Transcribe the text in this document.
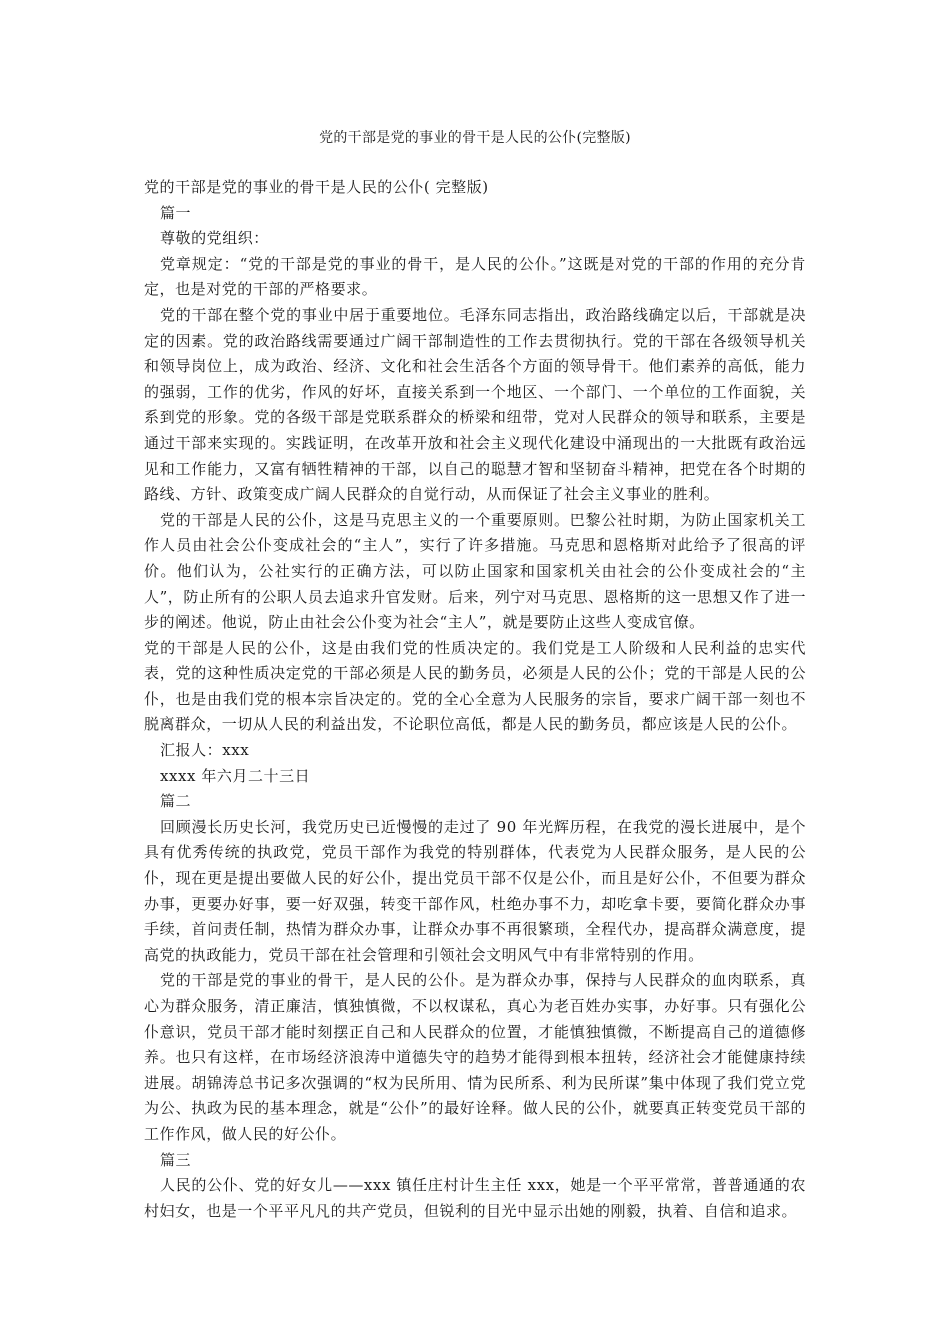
党的干部是党的事业的骨干是人民的公仆(完整版)

党的干部是党的事业的骨干是人民的公仆( 完整版)

篇一

尊敬的党组织：

党章规定：“党的干部是党的事业的骨干，是人民的公仆。”这既是对党的干部的作用的充分肯定，也是对党的干部的严格要求。

党的干部在整个党的事业中居于重要地位。毛泽东同志指出，政治路线确定以后，干部就是决定的因素。党的政治路线需要通过广阔干部制造性的工作去贯彻执行。党的干部在各级领导机关和领导岗位上，成为政治、经济、文化和社会生活各个方面的领导骨干。他们素养的高低，能力的强弱，工作的优劣，作风的好坏，直接关系到一个地区、一个部门、一个单位的工作面貌，关系到党的形象。党的各级干部是党联系群众的桥梁和纽带，党对人民群众的领导和联系，主要是通过干部来实现的。实践证明，在改革开放和社会主义现代化建设中涌现出的一大批既有政治远见和工作能力，又富有牺牲精神的干部，以自己的聪慧才智和坚韧奋斗精神，把党在各个时期的路线、方针、政策变成广阔人民群众的自觉行动，从而保证了社会主义事业的胜利。

党的干部是人民的公仆，这是马克思主义的一个重要原则。巴黎公社时期，为防止国家机关工作人员由社会公仆变成社会的“主人”，实行了许多措施。马克思和恩格斯对此给予了很高的评价。他们认为，公社实行的正确方法，可以防止国家和国家机关由社会的公仆变成社会的“主人”，防止所有的公职人员去追求升官发财。后来，列宁对马克思、恩格斯的这一思想又作了进一步的阐述。他说，防止由社会公仆变为社会“主人”，就是要防止这些人变成官僚。

党的干部是人民的公仆，这是由我们党的性质决定的。我们党是工人阶级和人民利益的忠实代表，党的这种性质决定党的干部必须是人民的勤务员，必须是人民的公仆；党的干部是人民的公仆，也是由我们党的根本宗旨决定的。党的全心全意为人民服务的宗旨，要求广阔干部一刻也不脱离群众，一切从人民的利益出发，不论职位高低，都是人民的勤务员，都应该是人民的公仆。

汇报人：xxx

xxxx 年六月二十三日

篇二

回顾漫长历史长河，我党历史已近慢慢的走过了 90 年光辉历程，在我党的漫长进展中，是个具有优秀传统的执政党，党员干部作为我党的特别群体，代表党为人民群众服务，是人民的公仆，现在更是提出要做人民的好公仆，提出党员干部不仅是公仆，而且是好公仆，不但要为群众办事，更要办好事，要一好双强，转变干部作风，杜绝办事不力，却吃拿卡要，要简化群众办事手续，首问责任制，热情为群众办事，让群众办事不再很繁琐，全程代办，提高群众满意度，提高党的执政能力，党员干部在社会管理和引领社会文明风气中有非常特别的作用。

党的干部是党的事业的骨干，是人民的公仆。是为群众办事，保持与人民群众的血肉联系，真心为群众服务，清正廉洁，慎独慎微，不以权谋私，真心为老百姓办实事，办好事。只有强化公仆意识，党员干部才能时刻摆正自己和人民群众的位置，才能慎独慎微，不断提高自己的道德修养。也只有这样，在市场经济浪涛中道德失守的趋势才能得到根本扭转，经济社会才能健康持续进展。胡锦涛总书记多次强调的“权为民所用、情为民所系、利为民所谋”集中体现了我们党立党为公、执政为民的基本理念，就是“公仆”的最好诠释。做人民的公仆，就要真正转变党员干部的工作作风，做人民的好公仆。

篇三

人民的公仆、党的好女儿——xxx 镇任庄村计生主任 xxx，她是一个平平常常，普普通通的农村妇女，也是一个平平凡凡的共产党员，但锐利的目光中显示出她的刚毅，执着、自信和追求。
